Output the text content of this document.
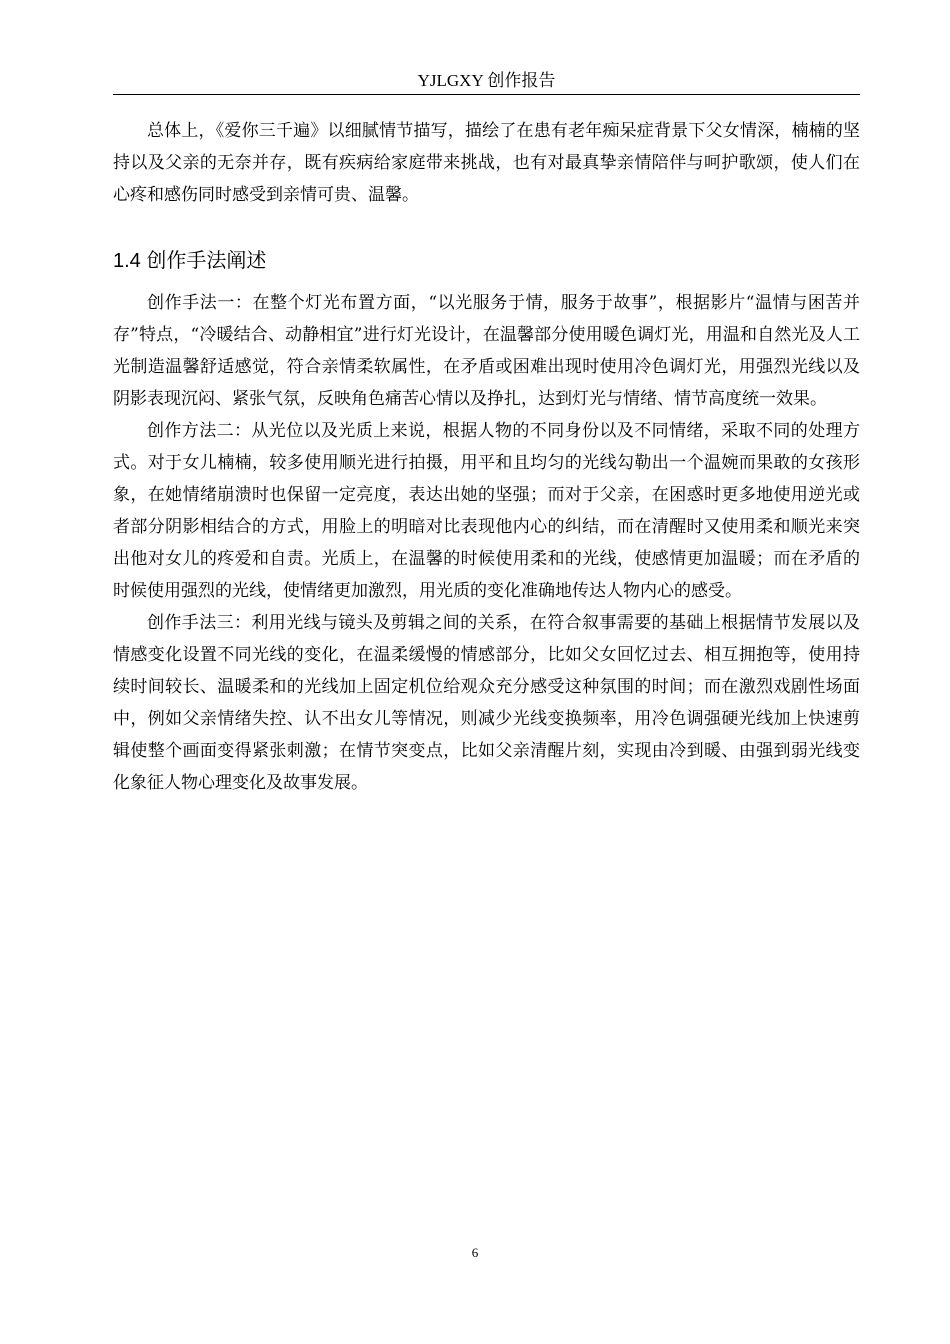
YJLGXY 创作报告

总体上，《爱你三千遍》以细腻情节描写，描绘了在患有老年痴呆症背景下父女情深，楠楠的坚持以及父亲的无奈并存，既有疾病给家庭带来挑战，也有对最真挚亲情陪伴与呵护歌颂，使人们在心疼和感伤同时感受到亲情可贵、温馨。

1.4 创作手法阐述

创作手法一：在整个灯光布置方面，“以光服务于情，服务于故事”，根据影片“温情与困苦并存”特点，“冷暖结合、动静相宜”进行灯光设计，在温馨部分使用暖色调灯光，用温和自然光及人工光制造温馨舒适感觉，符合亲情柔软属性，在矛盾或困难出现时使用冷色调灯光，用强烈光线以及阴影表现沉闷、紧张气氛，反映角色痛苦心情以及挣扎，达到灯光与情绪、情节高度统一效果。

创作方法二：从光位以及光质上来说，根据人物的不同身份以及不同情绪，采取不同的处理方式。对于女儿楠楠，较多使用顺光进行拍摄，用平和且均匀的光线勾勒出一个温婉而果敢的女孩形象，在她情绪崩溃时也保留一定亮度，表达出她的坚强；而对于父亲，在困惑时更多地使用逆光或者部分阴影相结合的方式，用脸上的明暗对比表现他内心的纠结，而在清醒时又使用柔和顺光来突出他对女儿的疼爱和自责。光质上，在温馨的时候使用柔和的光线，使感情更加温暖；而在矛盾的时候使用强烈的光线，使情绪更加激烈，用光质的变化准确地传达人物内心的感受。

创作手法三：利用光线与镜头及剪辑之间的关系，在符合叙事需要的基础上根据情节发展以及情感变化设置不同光线的变化，在温柔缓慢的情感部分，比如父女回忆过去、相互拥抱等，使用持续时间较长、温暖柔和的光线加上固定机位给观众充分感受这种氛围的时间；而在激烈戏剧性场面中，例如父亲情绪失控、认不出女儿等情况，则减少光线变换频率，用冷色调强硬光线加上快速剪辑使整个画面变得紧张刺激；在情节突变点，比如父亲清醒片刻，实现由冷到暖、由强到弱光线变化象征人物心理变化及故事发展。

6
